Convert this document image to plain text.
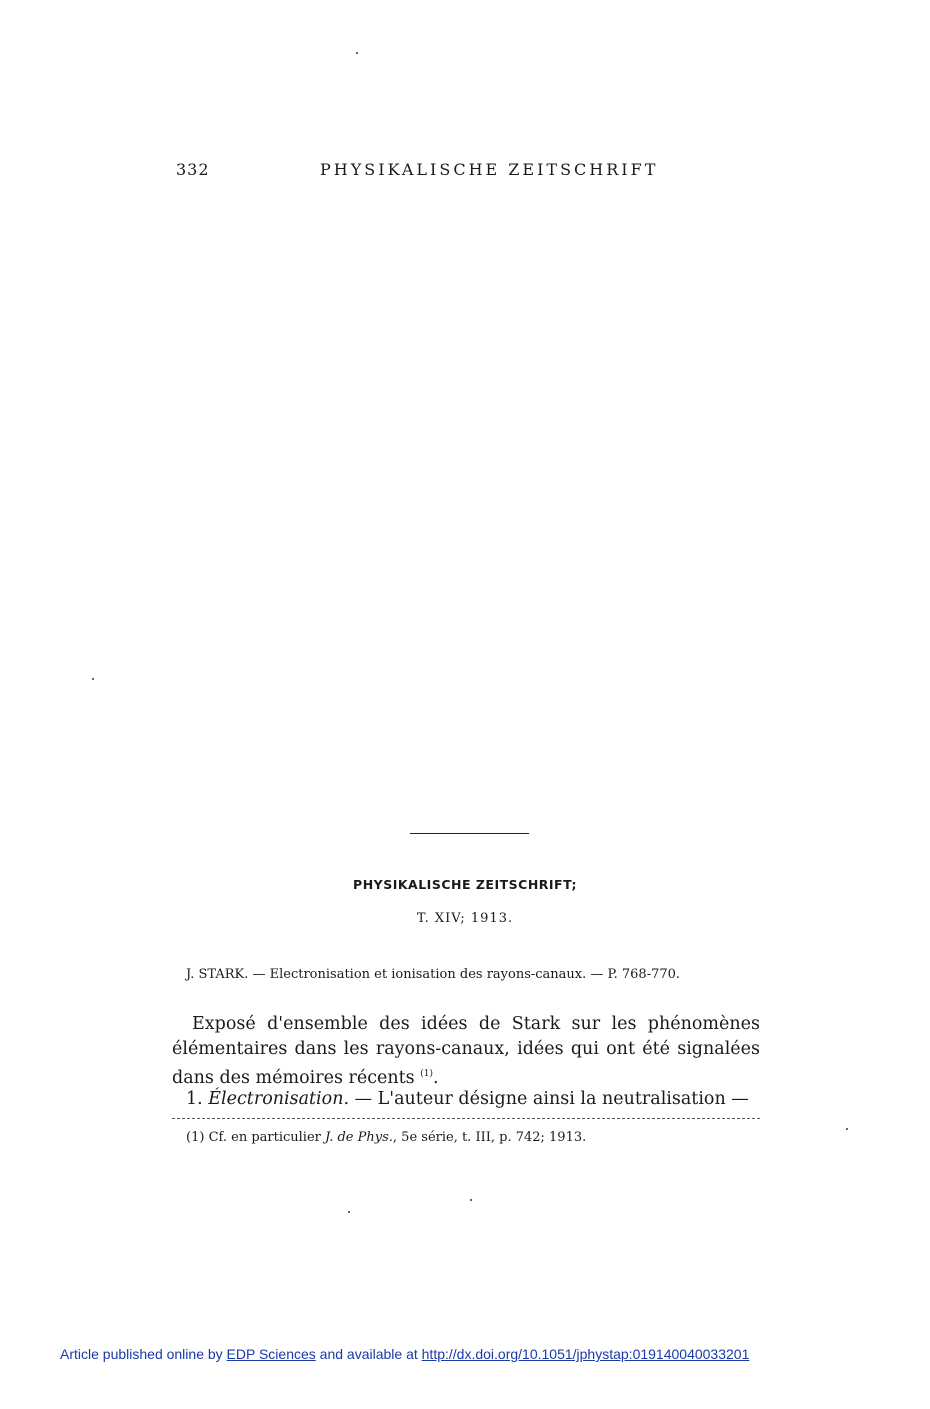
332	PHYSIKALISCHE ZEITSCHRIFT
PHYSIKALISCHE ZEITSCHRIFT;
T. XIV; 1913.
J. STARK. — Electronisation et ionisation des rayons-canaux. — P. 768-770.
Exposé d'ensemble des idées de Stark sur les phénomènes élémentaires dans les rayons-canaux, idées qui ont été signalées dans des mémoires récents $^{(1)}$.
1. Électronisation. — L'auteur désigne ainsi la neutralisation —
(1) Cf. en particulier J. de Phys., 5e série, t. III, p. 742; 1913.
Article published online by EDP Sciences and available at http://dx.doi.org/10.1051/jphystap:019140040033201
